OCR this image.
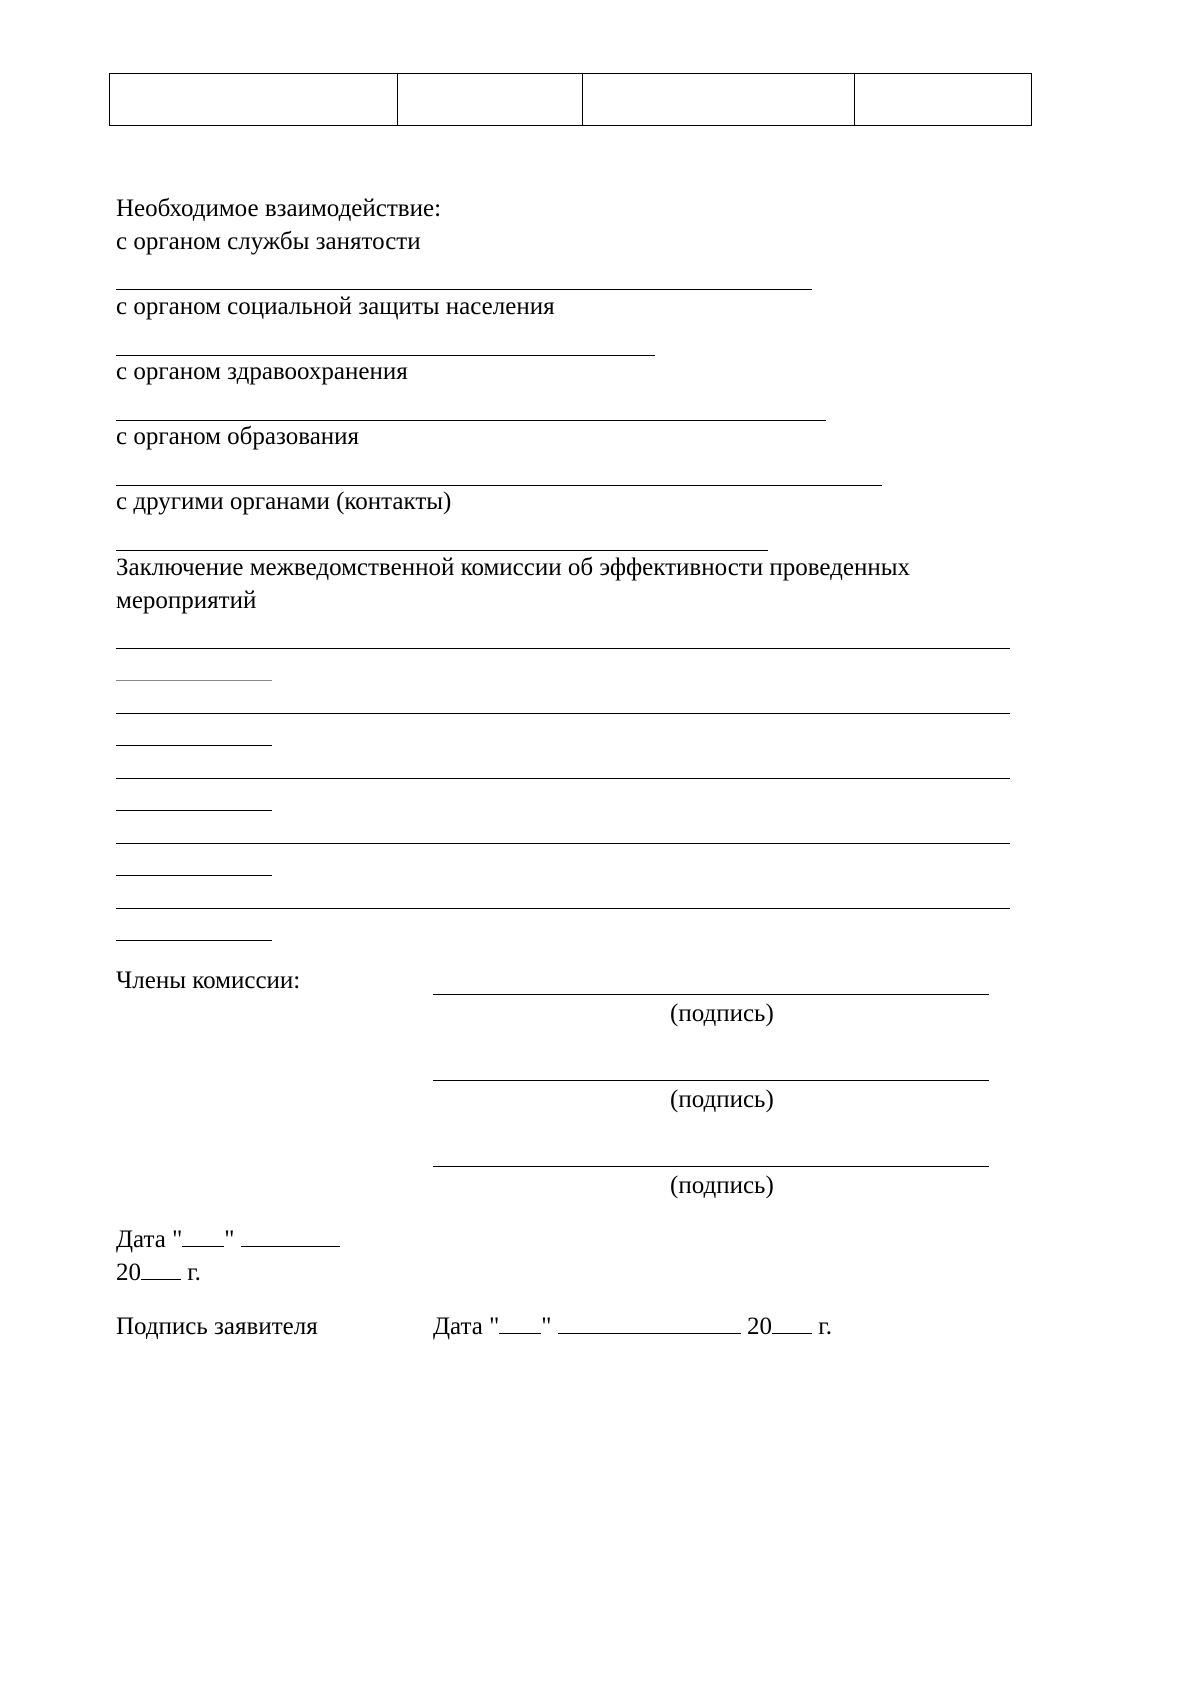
Необходимое взаимодействие:
с органом службы занятости
с органом социальной защиты населения
с органом здравоохранения
с органом образования
с другими органами (контакты)
Заключение межведомственной комиссии об эффективности проведенных
мероприятий
Члены комиссии:
(подпись)
(подпись)
(подпись)
Дата " "
20 г.
Подпись заявителя	Дата " "	20 г.
